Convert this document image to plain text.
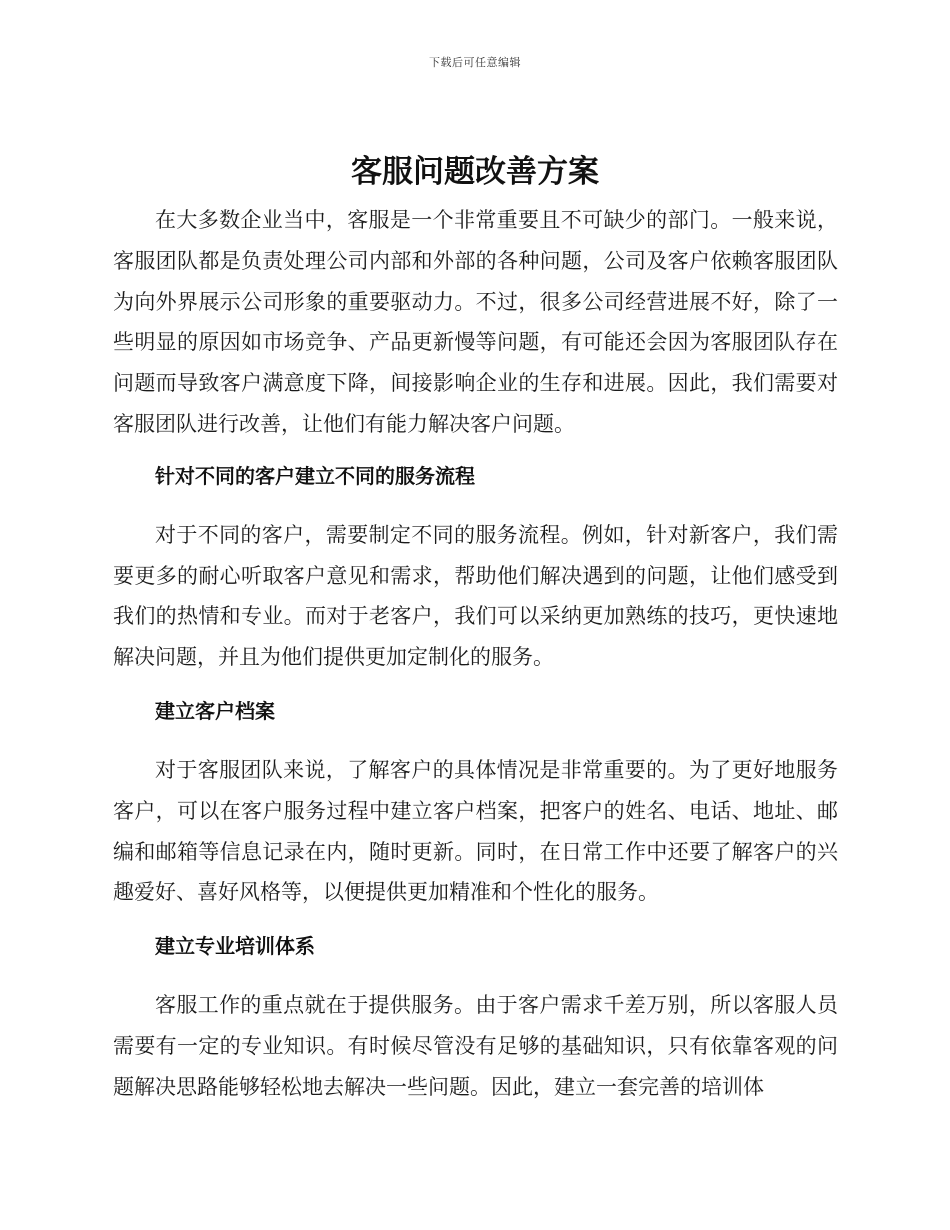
下载后可任意编辑
客服问题改善方案

在大多数企业当中，客服是一个非常重要且不可缺少的部门。一般来说，客服团队都是负责处理公司内部和外部的各种问题，公司及客户依赖客服团队为向外界展示公司形象的重要驱动力。不过，很多公司经营进展不好，除了一些明显的原因如市场竞争、产品更新慢等问题，有可能还会因为客服团队存在问题而导致客户满意度下降，间接影响企业的生存和进展。因此，我们需要对客服团队进行改善，让他们有能力解决客户问题。

针对不同的客户建立不同的服务流程

对于不同的客户，需要制定不同的服务流程。例如，针对新客户，我们需要更多的耐心听取客户意见和需求，帮助他们解决遇到的问题，让他们感受到我们的热情和专业。而对于老客户，我们可以采纳更加熟练的技巧，更快速地解决问题，并且为他们提供更加定制化的服务。

建立客户档案

对于客服团队来说，了解客户的具体情况是非常重要的。为了更好地服务客户，可以在客户服务过程中建立客户档案，把客户的姓名、电话、地址、邮编和邮箱等信息记录在内，随时更新。同时，在日常工作中还要了解客户的兴趣爱好、喜好风格等，以便提供更加精准和个性化的服务。

建立专业培训体系

客服工作的重点就在于提供服务。由于客户需求千差万别，所以客服人员需要有一定的专业知识。有时候尽管没有足够的基础知识，只有依靠客观的问题解决思路能够轻松地去解决一些问题。因此，建立一套完善的培训体
